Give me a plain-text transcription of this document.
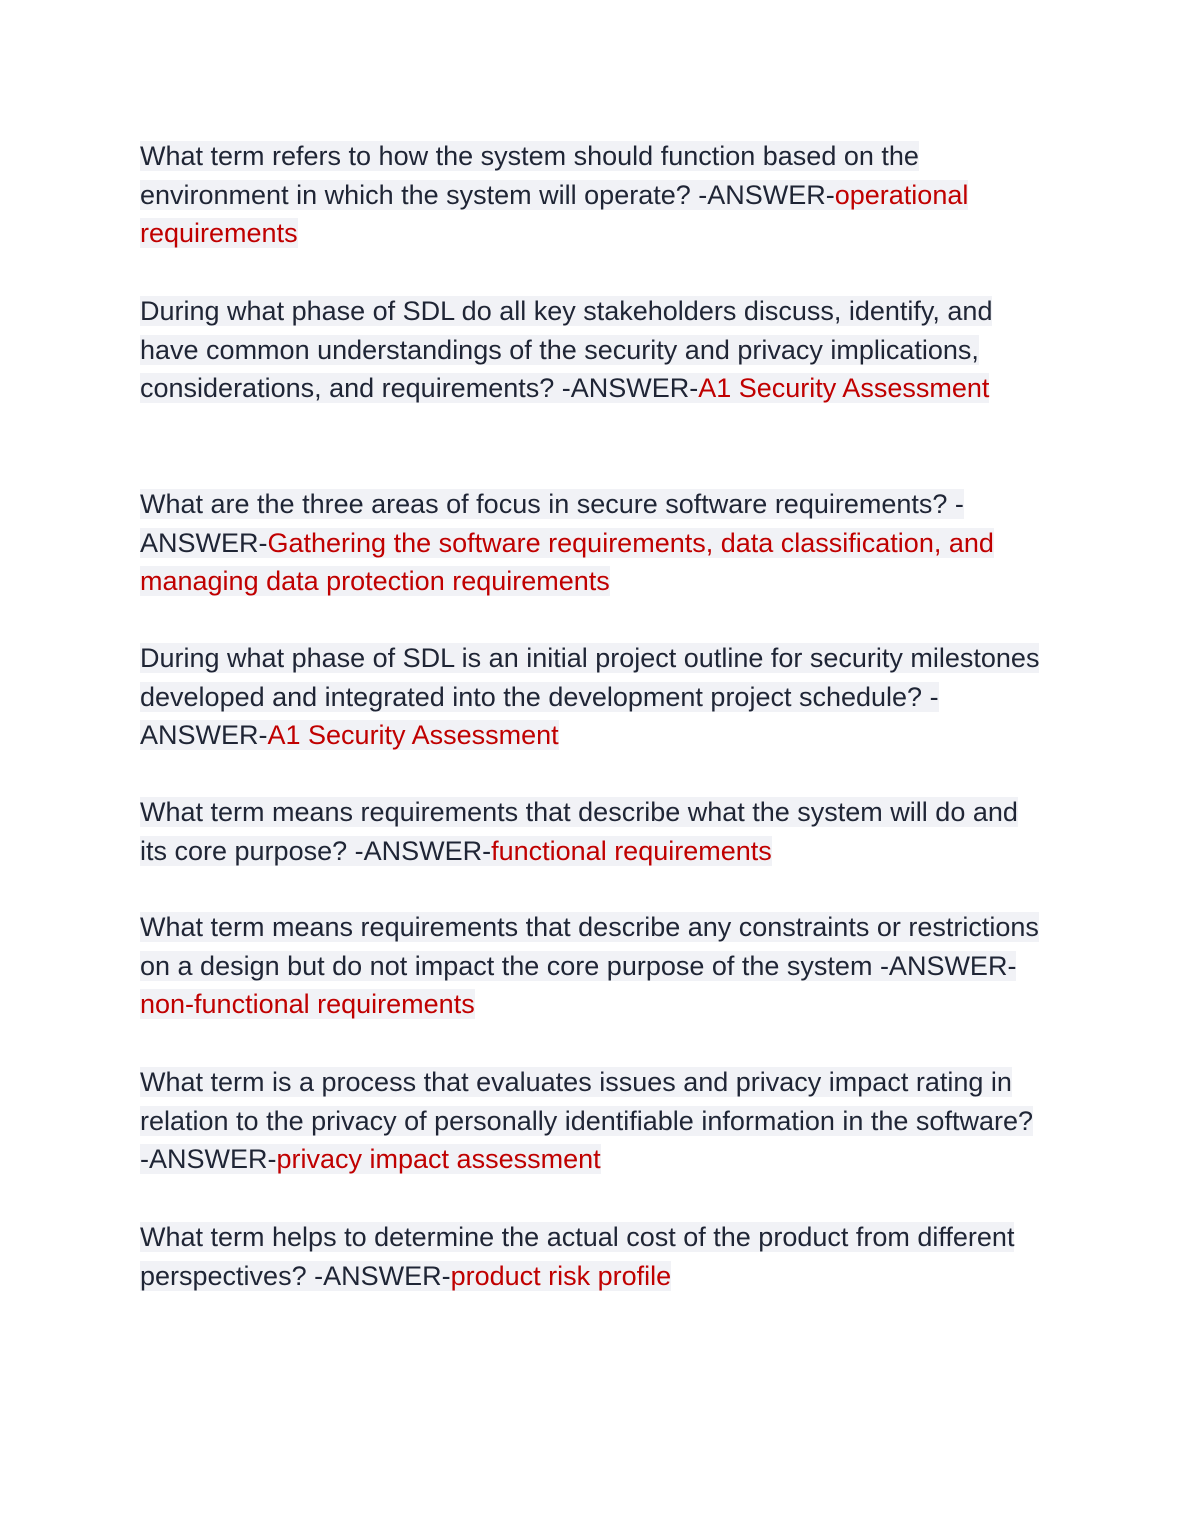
What term refers to how the system should function based on the environment in which the system will operate? -ANSWER-operational requirements
During what phase of SDL do all key stakeholders discuss, identify, and have common understandings of the security and privacy implications, considerations, and requirements? -ANSWER-A1 Security Assessment
What are the three areas of focus in secure software requirements? -ANSWER-Gathering the software requirements, data classification, and managing data protection requirements
During what phase of SDL is an initial project outline for security milestones developed and integrated into the development project schedule? -ANSWER-A1 Security Assessment
What term means requirements that describe what the system will do and its core purpose? -ANSWER-functional requirements
What term means requirements that describe any constraints or restrictions on a design but do not impact the core purpose of the system -ANSWER-non-functional requirements
What term is a process that evaluates issues and privacy impact rating in relation to the privacy of personally identifiable information in the software? -ANSWER-privacy impact assessment
What term helps to determine the actual cost of the product from different perspectives? -ANSWER-product risk profile
